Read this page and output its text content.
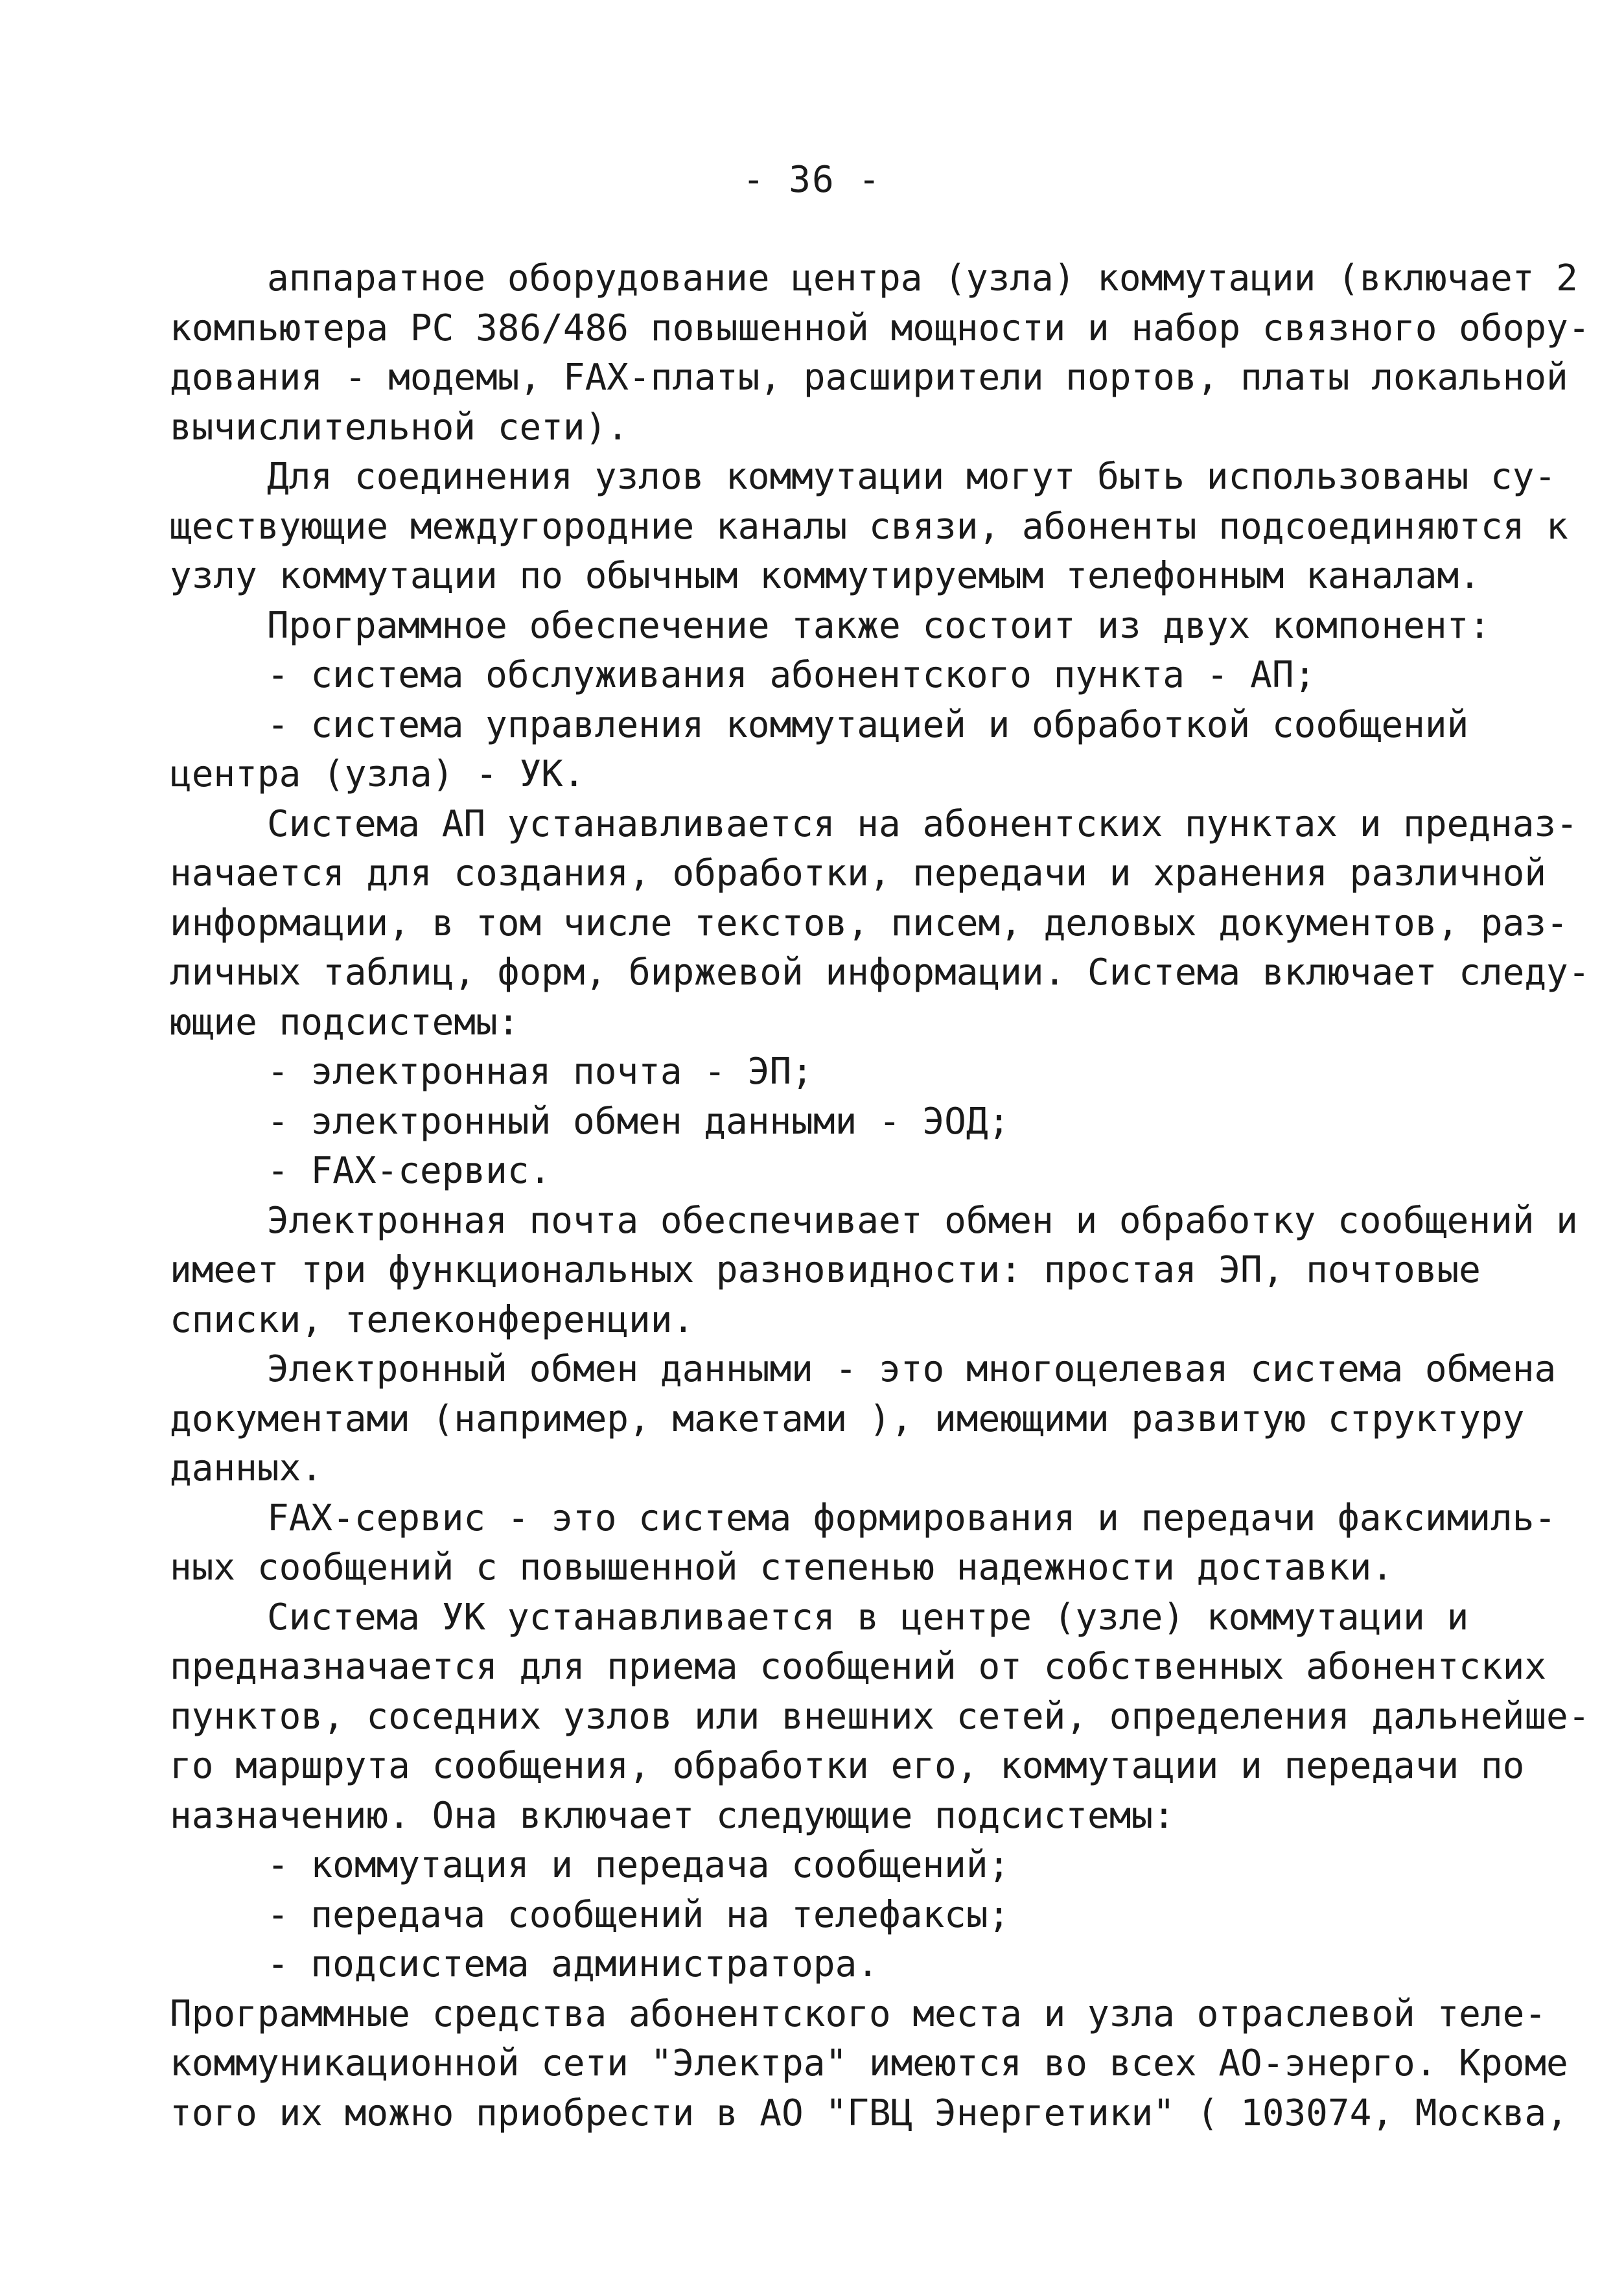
- 36 -
аппаратное оборудование центра (узла) коммутации (включает 2
компьютера РС 386/486 повышенной мощности и набор связного обору-
дования - модемы, FAX-платы, расширители портов, платы локальной
вычислительной сети).
Для соединения узлов коммутации могут быть использованы су-
ществующие междугородние каналы связи, абоненты подсоединяются к
узлу коммутации по обычным коммутируемым телефонным каналам.
Программное обеспечение также состоит из двух компонент:
- система обслуживания абонентского пункта - АП;
- система управления коммутацией и обработкой сообщений
центра (узла) - УК.
Система АП устанавливается на абонентских пунктах и предназ-
начается для создания, обработки, передачи и хранения различной
информации, в том числе текстов, писем, деловых документов, раз-
личных таблиц, форм, биржевой информации. Система включает следу-
ющие подсистемы:
- электронная почта - ЭП;
- электронный обмен данными - ЭОД;
- FAX-сервис.
Электронная почта обеспечивает обмен и обработку сообщений и
имеет три функциональных разновидности: простая ЭП, почтовые
списки, телеконференции.
Электронный обмен данными - это многоцелевая система обмена
документами (например, макетами ), имеющими развитую структуру
данных.
FAX-сервис - это система формирования и передачи факсимиль-
ных сообщений с повышенной степенью надежности доставки.
Система УК устанавливается в центре (узле) коммутации и
предназначается для приема сообщений от собственных абонентских
пунктов, соседних узлов или внешних сетей, определения дальнейше-
го маршрута сообщения, обработки его, коммутации и передачи по
назначению. Она включает следующие подсистемы:
- коммутация и передача сообщений;
- передача сообщений на телефаксы;
- подсистема администратора.
Программные средства абонентского места и узла отраслевой теле-
коммуникационной сети "Электра" имеются во всех АО-энерго. Кроме
того их можно приобрести в АО "ГВЦ Энергетики" ( 103074, Москва,
